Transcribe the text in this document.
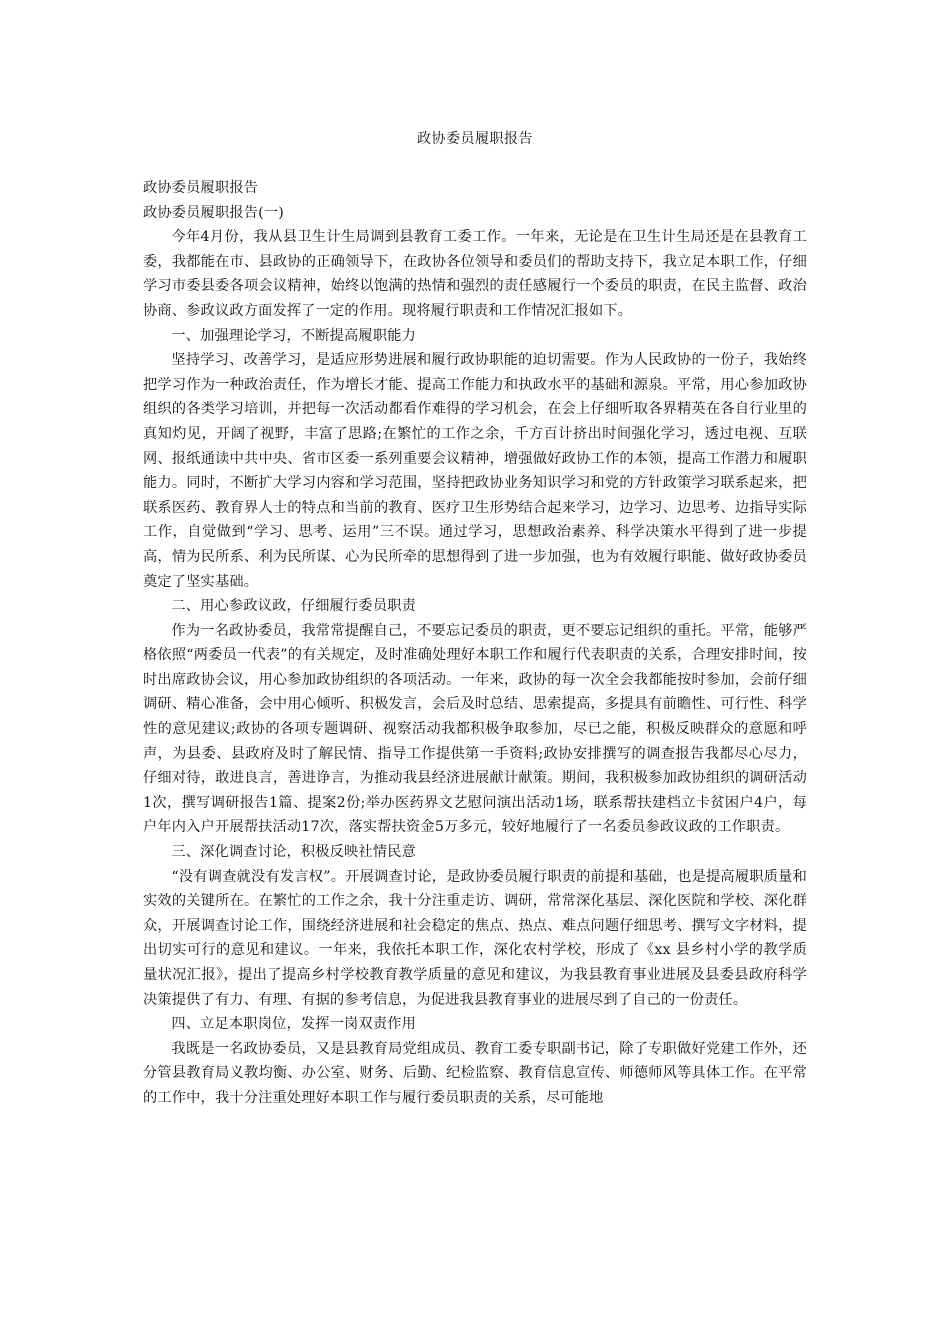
政协委员履职报告

政协委员履职报告

政协委员履职报告(一)

今年4月份，我从县卫生计生局调到县教育工委工作。一年来，无论是在卫生计生局还是在县教育工委，我都能在市、县政协的正确领导下，在政协各位领导和委员们的帮助支持下，我立足本职工作，仔细学习市委县委各项会议精神，始终以饱满的热情和强烈的责任感履行一个委员的职责，在民主监督、政治协商、参政议政方面发挥了一定的作用。现将履行职责和工作情况汇报如下。

一、加强理论学习，不断提高履职能力

坚持学习、改善学习，是适应形势进展和履行政协职能的迫切需要。作为人民政协的一份子，我始终把学习作为一种政治责任，作为增长才能、提高工作能力和执政水平的基础和源泉。平常，用心参加政协组织的各类学习培训，并把每一次活动都看作难得的学习机会，在会上仔细听取各界精英在各自行业里的真知灼见，开阔了视野，丰富了思路;在繁忙的工作之余，千方百计挤出时间强化学习，透过电视、互联网、报纸通读中共中央、省市区委一系列重要会议精神，增强做好政协工作的本领，提高工作潜力和履职能力。同时，不断扩大学习内容和学习范围，坚持把政协业务知识学习和党的方针政策学习联系起来，把联系医药、教育界人士的特点和当前的教育、医疗卫生形势结合起来学习，边学习、边思考、边指导实际工作，自觉做到“学习、思考、运用”三不误。通过学习，思想政治素养、科学决策水平得到了进一步提高，情为民所系、利为民所谋、心为民所牵的思想得到了进一步加强，也为有效履行职能、做好政协委员奠定了坚实基础。

二、用心参政议政，仔细履行委员职责

作为一名政协委员，我常常提醒自己，不要忘记委员的职责，更不要忘记组织的重托。平常，能够严格依照“两委员一代表”的有关规定，及时准确处理好本职工作和履行代表职责的关系，合理安排时间，按时出席政协会议，用心参加政协组织的各项活动。一年来，政协的每一次全会我都能按时参加，会前仔细调研、精心准备，会中用心倾听、积极发言，会后及时总结、思索提高，多提具有前瞻性、可行性、科学性的意见建议;政协的各项专题调研、视察活动我都积极争取参加，尽已之能，积极反映群众的意愿和呼声，为县委、县政府及时了解民情、指导工作提供第一手资料;政协安排撰写的调查报告我都尽心尽力，仔细对待，敢进良言，善进诤言，为推动我县经济进展献计献策。期间，我积极参加政协组织的调研活动1次，撰写调研报告1篇、提案2份;举办医药界文艺慰问演出活动1场，联系帮扶建档立卡贫困户4户，每户年内入户开展帮扶活动17次，落实帮扶资金5万多元，较好地履行了一名委员参政议政的工作职责。

三、深化调查讨论，积极反映社情民意

“没有调查就没有发言权”。开展调查讨论，是政协委员履行职责的前提和基础，也是提高履职质量和实效的关键所在。在繁忙的工作之余，我十分注重走访、调研，常常深化基层、深化医院和学校、深化群众，开展调查讨论工作，围绕经济进展和社会稳定的焦点、热点、难点问题仔细思考、撰写文字材料，提出切实可行的意见和建议。一年来，我依托本职工作，深化农村学校，形成了《xx 县乡村小学的教学质量状况汇报》，提出了提高乡村学校教育教学质量的意见和建议，为我县教育事业进展及县委县政府科学决策提供了有力、有理、有据的参考信息，为促进我县教育事业的进展尽到了自己的一份责任。

四、立足本职岗位，发挥一岗双责作用

我既是一名政协委员，又是县教育局党组成员、教育工委专职副书记，除了专职做好党建工作外，还分管县教育局义教均衡、办公室、财务、后勤、纪检监察、教育信息宣传、师德师风等具体工作。在平常的工作中，我十分注重处理好本职工作与履行委员职责的关系，尽可能地
